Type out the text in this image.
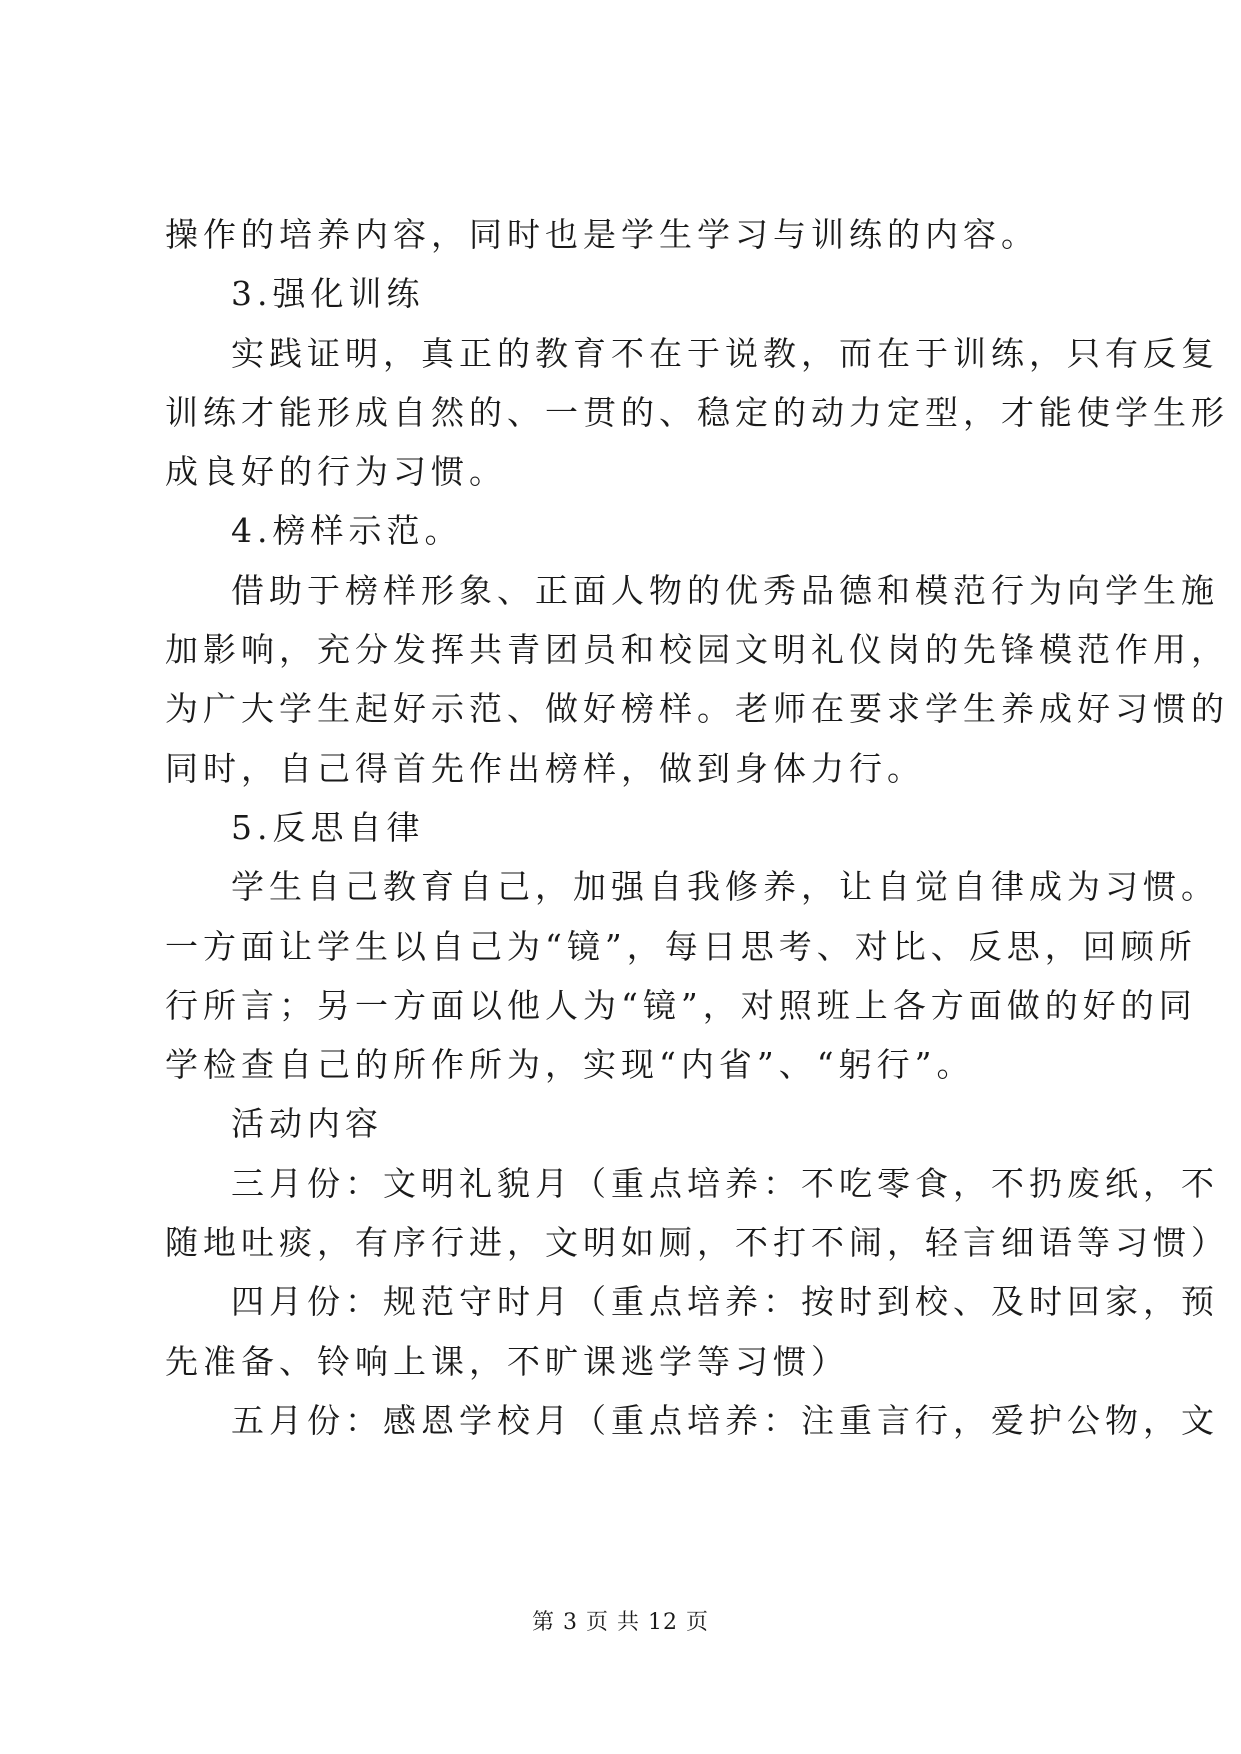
操作的培养内容，同时也是学生学习与训练的内容。
3.强化训练
实践证明，真正的教育不在于说教，而在于训练，只有反复
训练才能形成自然的、一贯的、稳定的动力定型，才能使学生形
成良好的行为习惯。
4.榜样示范。
借助于榜样形象、正面人物的优秀品德和模范行为向学生施
加影响，充分发挥共青团员和校园文明礼仪岗的先锋模范作用，
为广大学生起好示范、做好榜样。老师在要求学生养成好习惯的
同时，自己得首先作出榜样，做到身体力行。
5.反思自律
学生自己教育自己，加强自我修养，让自觉自律成为习惯。
一方面让学生以自己为“镜”，每日思考、对比、反思，回顾所
行所言；另一方面以他人为“镜”，对照班上各方面做的好的同
学检查自己的所作所为，实现“内省”、“躬行”。
活动内容
三月份：文明礼貌月（重点培养：不吃零食，不扔废纸，不
随地吐痰，有序行进，文明如厕，不打不闹，轻言细语等习惯）
四月份：规范守时月（重点培养：按时到校、及时回家，预
先准备、铃响上课，不旷课逃学等习惯）
五月份：感恩学校月（重点培养：注重言行，爱护公物，文
第 3 页 共 12 页
